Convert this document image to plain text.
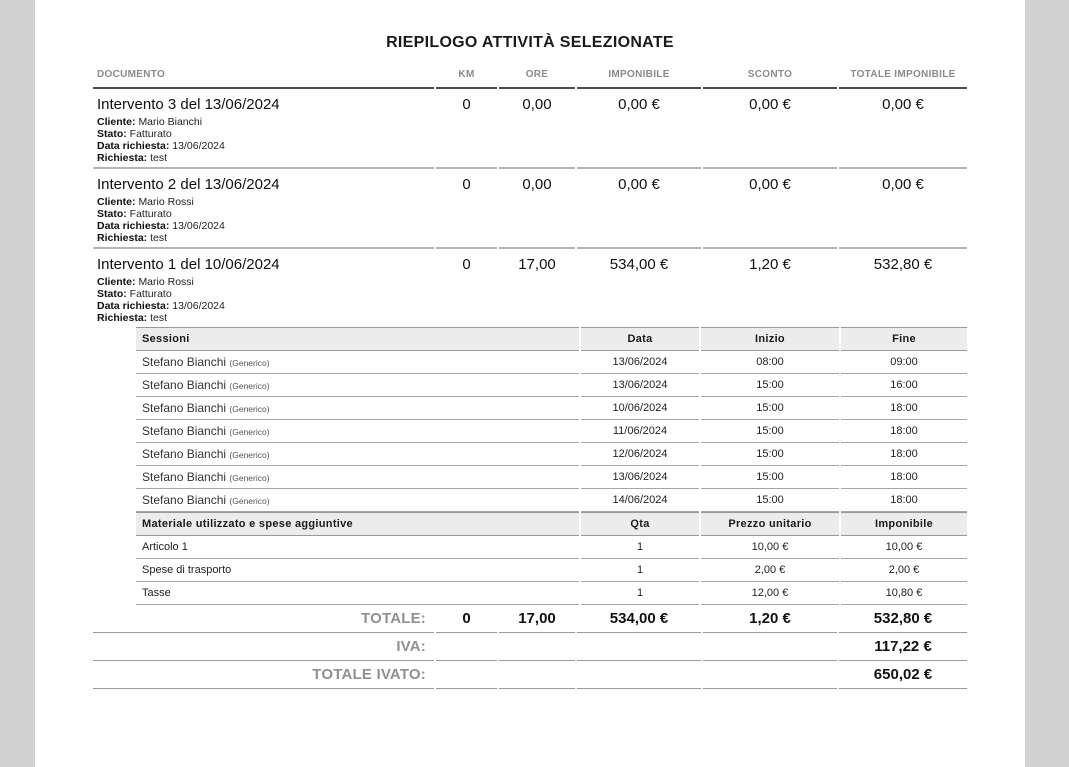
RIEPILOGO ATTIVITÀ SELEZIONATE
DOCUMENTO	KM	ORE	IMPONIBILE	SCONTO	TOTALE IMPONIBILE

Intervento 3 del 13/06/2024
Cliente: Mario Bianchi
Stato: Fatturato
Data richiesta: 13/06/2024
Richiesta: test
	0	0,00	0,00 €	0,00 €	0,00 €

Intervento 2 del 13/06/2024
Cliente: Mario Rossi
Stato: Fatturato
Data richiesta: 13/06/2024
Richiesta: test
	0	0,00	0,00 €	0,00 €	0,00 €

Intervento 1 del 10/06/2024
Cliente: Mario Rossi
Stato: Fatturato
Data richiesta: 13/06/2024
Richiesta: test
	0	17,00	534,00 €	1,20 €	532,80 €

Sessioni	Data	Inizio	Fine
Stefano Bianchi (Generico)	13/06/2024	08:00	09:00
Stefano Bianchi (Generico)	13/06/2024	15:00	16:00
Stefano Bianchi (Generico)	10/06/2024	15:00	18:00
Stefano Bianchi (Generico)	11/06/2024	15:00	18:00
Stefano Bianchi (Generico)	12/06/2024	15:00	18:00
Stefano Bianchi (Generico)	13/06/2024	15:00	18:00
Stefano Bianchi (Generico)	14/06/2024	15:00	18:00
Materiale utilizzato e spese aggiuntive	Qta	Prezzo unitario	Imponibile
Articolo 1	1	10,00 €	10,00 €
Spese di trasporto	1	2,00 €	2,00 €
Tasse	1	12,00 €	10,80 €

TOTALE:	0	17,00	534,00 €	1,20 €	532,80 €
IVA:					117,22 €
TOTALE IVATO:					650,02 €
